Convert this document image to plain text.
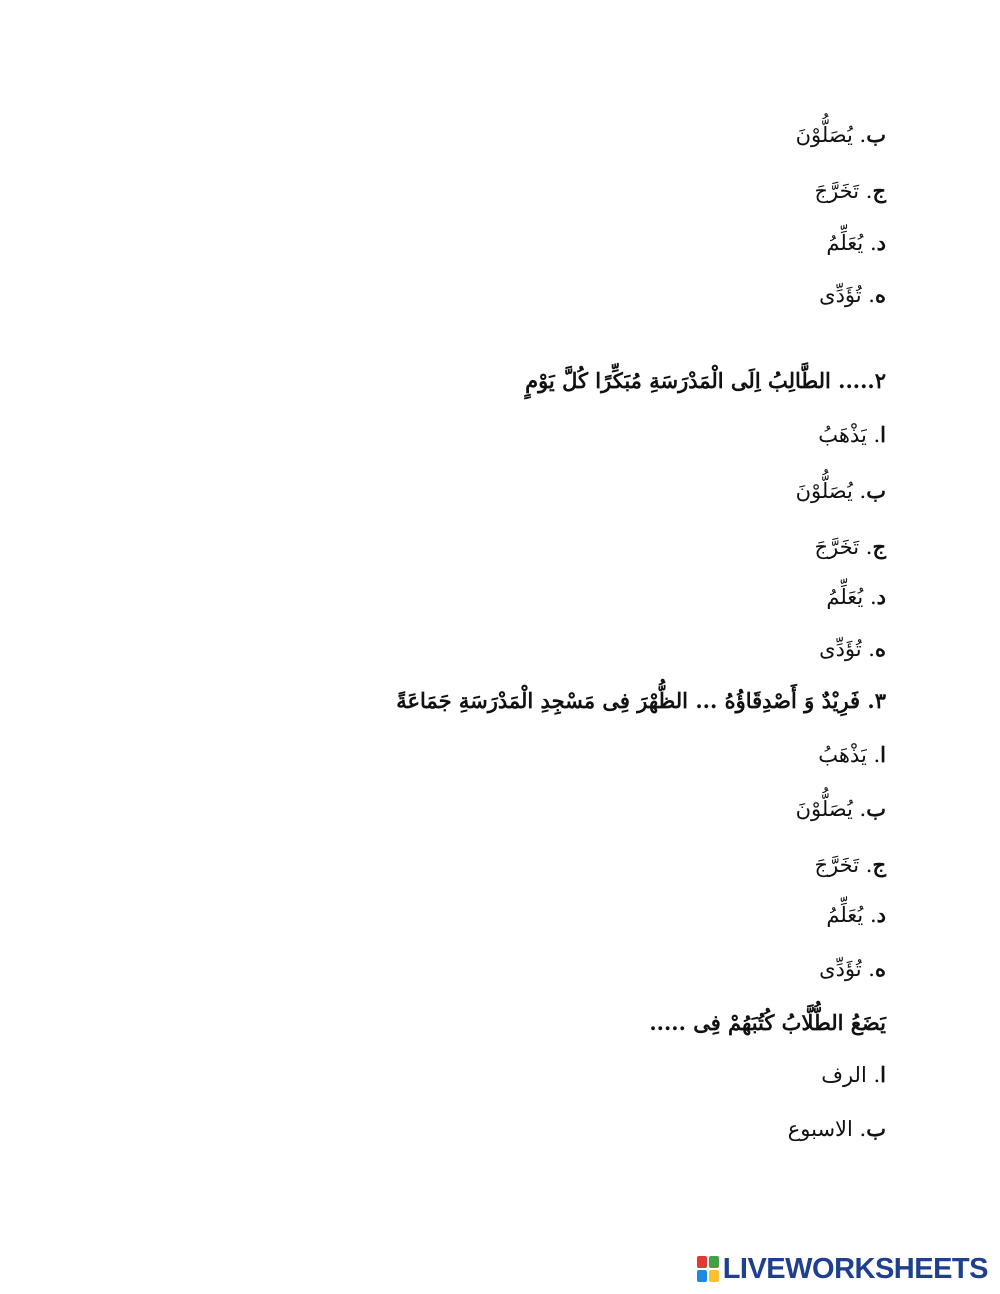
ب. يُصَلُّوْنَ
ج. تَخَرَّجَ
د. يُعَلِّمُ
ه. تُؤَدِّى
٢..... الطَّالِبُ اِلَى الْمَدْرَسَةِ مُبَكِّرًا كُلَّ يَوْمٍ
ا. يَذْهَبُ
ب. يُصَلُّوْنَ
ج. تَخَرَّجَ
د. يُعَلِّمُ
ه. تُؤَدِّى
٣. فَرِيْدٌ وَ أَصْدِقَاؤُهُ ... الظُّهْرَ فِى مَسْجِدِ الْمَدْرَسَةِ جَمَاعَةً
ا. يَذْهَبُ
ب. يُصَلُّوْنَ
ج. تَخَرَّجَ
د. يُعَلِّمُ
ه. تُؤَدِّى
يَضَعُ الطُّلَّابُ كُتُبَهُمْ فِى .....
ا. الرف
ب. الاسبوع
LIVEWORKSHEETS
